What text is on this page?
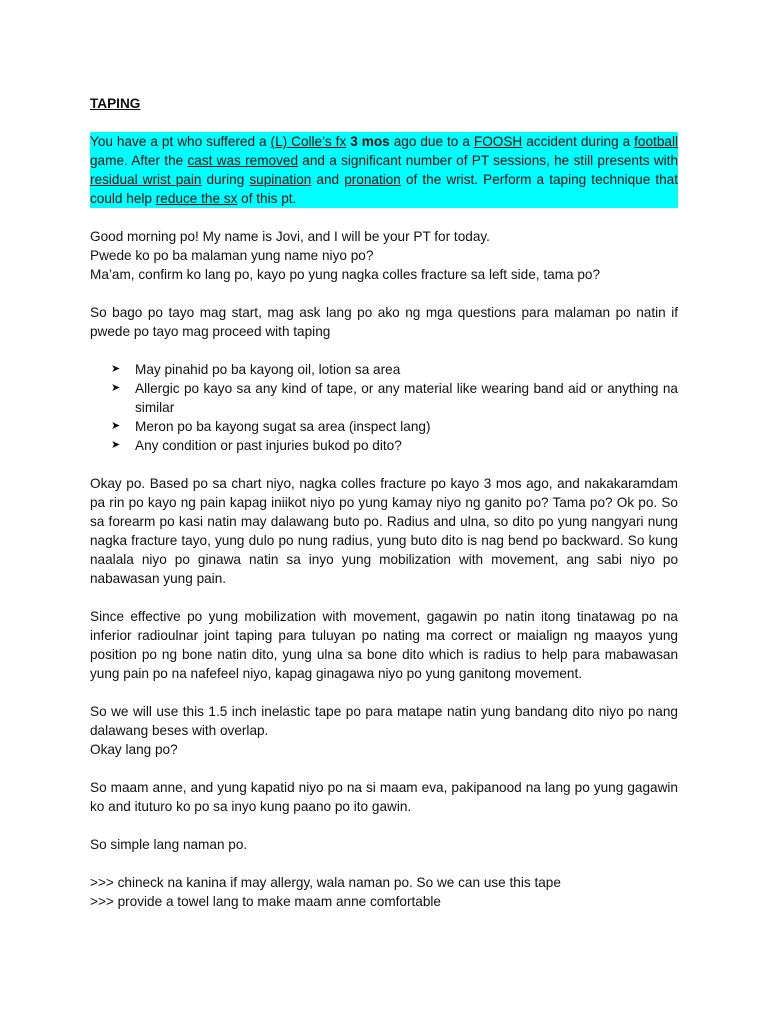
TAPING

You have a pt who suffered a (L) Colle’s fx 3 mos ago due to a FOOSH accident during a football game. After the cast was removed and a significant number of PT sessions, he still presents with residual wrist pain during supination and pronation of the wrist. Perform a taping technique that could help reduce the sx of this pt.

Good morning po! My name is Jovi, and I will be your PT for today.
Pwede ko po ba malaman yung name niyo po?
Ma’am, confirm ko lang po, kayo po yung nagka colles fracture sa left side, tama po?

So bago po tayo mag start, mag ask lang po ako ng mga questions para malaman po natin if pwede po tayo mag proceed with taping

➤ May pinahid po ba kayong oil, lotion sa area
➤ Allergic po kayo sa any kind of tape, or any material like wearing band aid or anything na similar
➤ Meron po ba kayong sugat sa area (inspect lang)
➤ Any condition or past injuries bukod po dito?

Okay po. Based po sa chart niyo, nagka colles fracture po kayo 3 mos ago, and nakakaramdam pa rin po kayo ng pain kapag iniikot niyo po yung kamay niyo ng ganito po? Tama po? Ok po. So sa forearm po kasi natin may dalawang buto po. Radius and ulna, so dito po yung nangyari nung nagka fracture tayo, yung dulo po nung radius, yung buto dito is nag bend po backward. So kung naalala niyo po ginawa natin sa inyo yung mobilization with movement, ang sabi niyo po nabawasan yung pain.

Since effective po yung mobilization with movement, gagawin po natin itong tinatawag po na inferior radioulnar joint taping para tuluyan po nating ma correct or maialign ng maayos yung position po ng bone natin dito, yung ulna sa bone dito which is radius to help para mabawasan yung pain po na nafefeel niyo, kapag ginagawa niyo po yung ganitong movement.

So we will use this 1.5 inch inelastic tape po para matape natin yung bandang dito niyo po nang dalawang beses with overlap.
Okay lang po?

So maam anne, and yung kapatid niyo po na si maam eva, pakipanood na lang po yung gagawin ko and ituturo ko po sa inyo kung paano po ito gawin.

So simple lang naman po.

>>> chineck na kanina if may allergy, wala naman po. So we can use this tape
>>> provide a towel lang to make maam anne comfortable
